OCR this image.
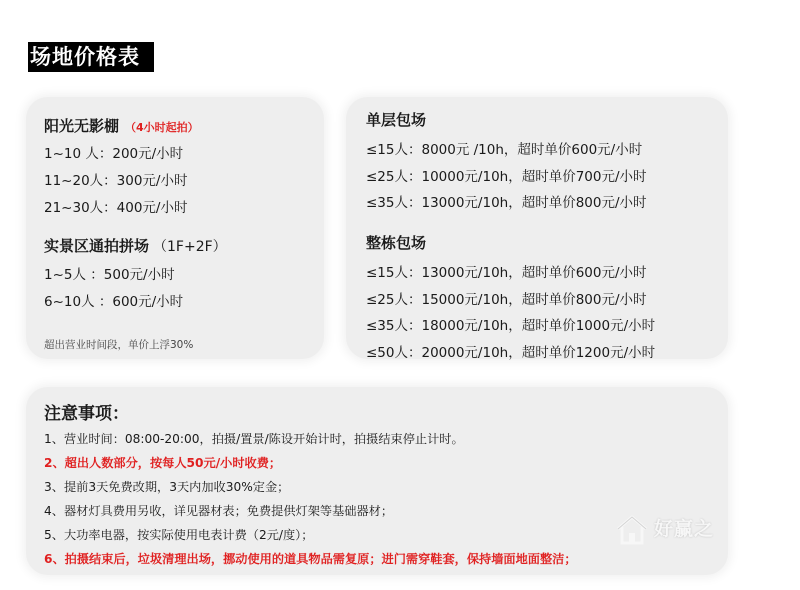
场地价格表
阳光无影棚 （4小时起拍）
1~10 人：200元/小时
11~20人：300元/小时
21~30人：400元/小时
实景区通拍拼场 （1F+2F）
1~5人 ：500元/小时
6~10人 ：600元/小时
超出营业时间段，单价上浮30%
单层包场
≤15人：8000元 /10h，超时单价600元/小时
≤25人：10000元/10h，超时单价700元/小时
≤35人：13000元/10h，超时单价800元/小时
整栋包场
≤15人：13000元/10h，超时单价600元/小时
≤25人：15000元/10h，超时单价800元/小时
≤35人：18000元/10h，超时单价1000元/小时
≤50人：20000元/10h，超时单价1200元/小时
注意事项：
1、营业时间：08:00-20:00，拍摄/置景/陈设开始计时，拍摄结束停止计时。
2、超出人数部分，按每人50元/小时收费；
3、提前3天免费改期，3天内加收30%定金；
4、器材灯具费用另收，详见器材表；免费提供灯架等基础器材；
5、大功率电器，按实际使用电表计费（2元/度）；
6、拍摄结束后，垃圾清理出场，挪动使用的道具物品需复原；进门需穿鞋套，保持墙面地面整洁；
好赢之
